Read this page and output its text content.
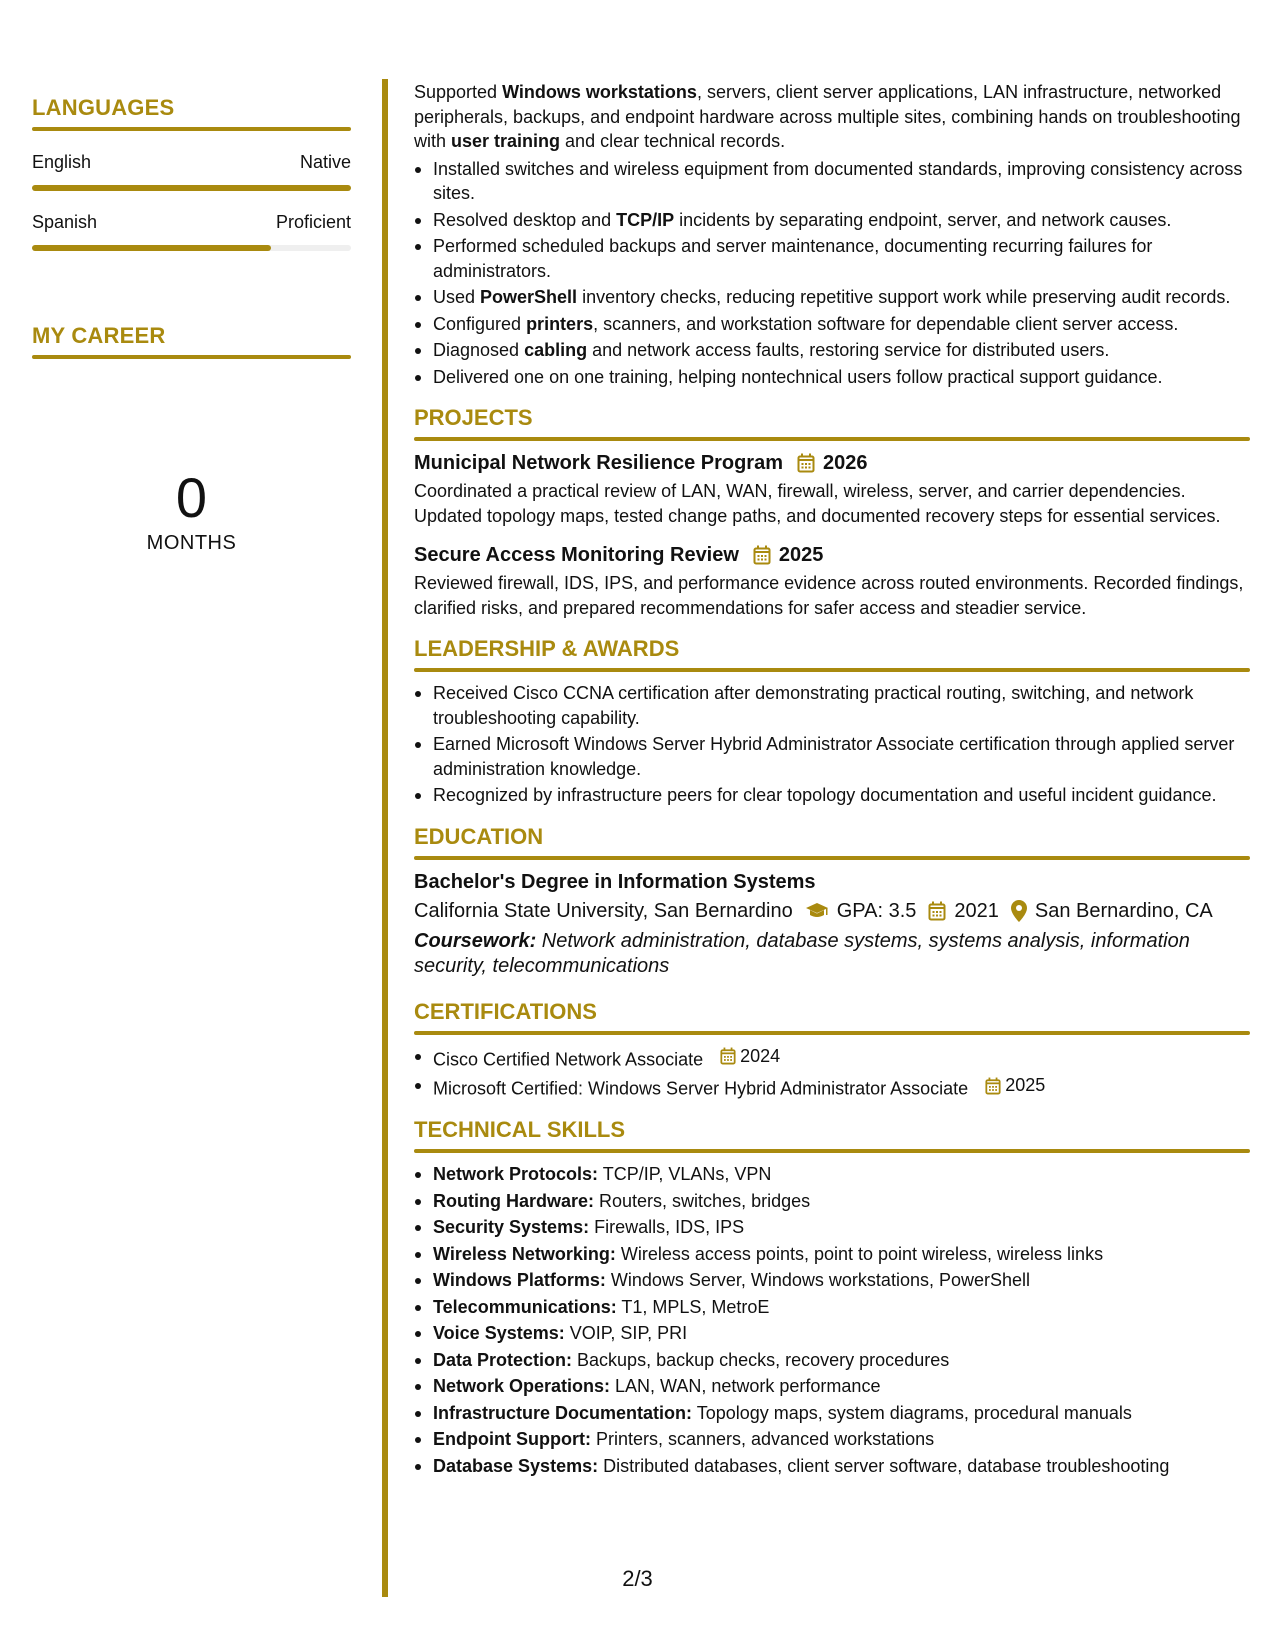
LANGUAGES
English	Native
Spanish	Proficient
MY CAREER
0
MONTHS

Supported Windows workstations, servers, client server applications, LAN infrastructure, networked peripherals, backups, and endpoint hardware across multiple sites, combining hands on troubleshooting with user training and clear technical records.

Installed switches and wireless equipment from documented standards, improving consistency across sites.
Resolved desktop and TCP/IP incidents by separating endpoint, server, and network causes.
Performed scheduled backups and server maintenance, documenting recurring failures for administrators.
Used PowerShell inventory checks, reducing repetitive support work while preserving audit records.
Configured printers, scanners, and workstation software for dependable client server access.
Diagnosed cabling and network access faults, restoring service for distributed users.
Delivered one on one training, helping nontechnical users follow practical support guidance.
PROJECTS
Municipal Network Resilience Program 2026

Coordinated a practical review of LAN, WAN, firewall, wireless, server, and carrier dependencies. Updated topology maps, tested change paths, and documented recovery steps for essential services.

Secure Access Monitoring Review 2025

Reviewed firewall, IDS, IPS, and performance evidence across routed environments. Recorded findings, clarified risks, and prepared recommendations for safer access and steadier service.

LEADERSHIP & AWARDS
Received Cisco CCNA certification after demonstrating practical routing, switching, and network troubleshooting capability.
Earned Microsoft Windows Server Hybrid Administrator Associate certification through applied server administration knowledge.
Recognized by infrastructure peers for clear topology documentation and useful incident guidance.
EDUCATION
Bachelor's Degree in Information Systems
California State University, San Bernardino GPA: 3.5 2021 San Bernardino, CA

Coursework: Network administration, database systems, systems analysis, information security, telecommunications

CERTIFICATIONS
Cisco Certified Network Associate 2024
Microsoft Certified: Windows Server Hybrid Administrator Associate 2025
TECHNICAL SKILLS
Network Protocols: TCP/IP, VLANs, VPN
Routing Hardware: Routers, switches, bridges
Security Systems: Firewalls, IDS, IPS
Wireless Networking: Wireless access points, point to point wireless, wireless links
Windows Platforms: Windows Server, Windows workstations, PowerShell
Telecommunications: T1, MPLS, MetroE
Voice Systems: VOIP, SIP, PRI
Data Protection: Backups, backup checks, recovery procedures
Network Operations: LAN, WAN, network performance
Infrastructure Documentation: Topology maps, system diagrams, procedural manuals
Endpoint Support: Printers, scanners, advanced workstations
Database Systems: Distributed databases, client server software, database troubleshooting
2/3
